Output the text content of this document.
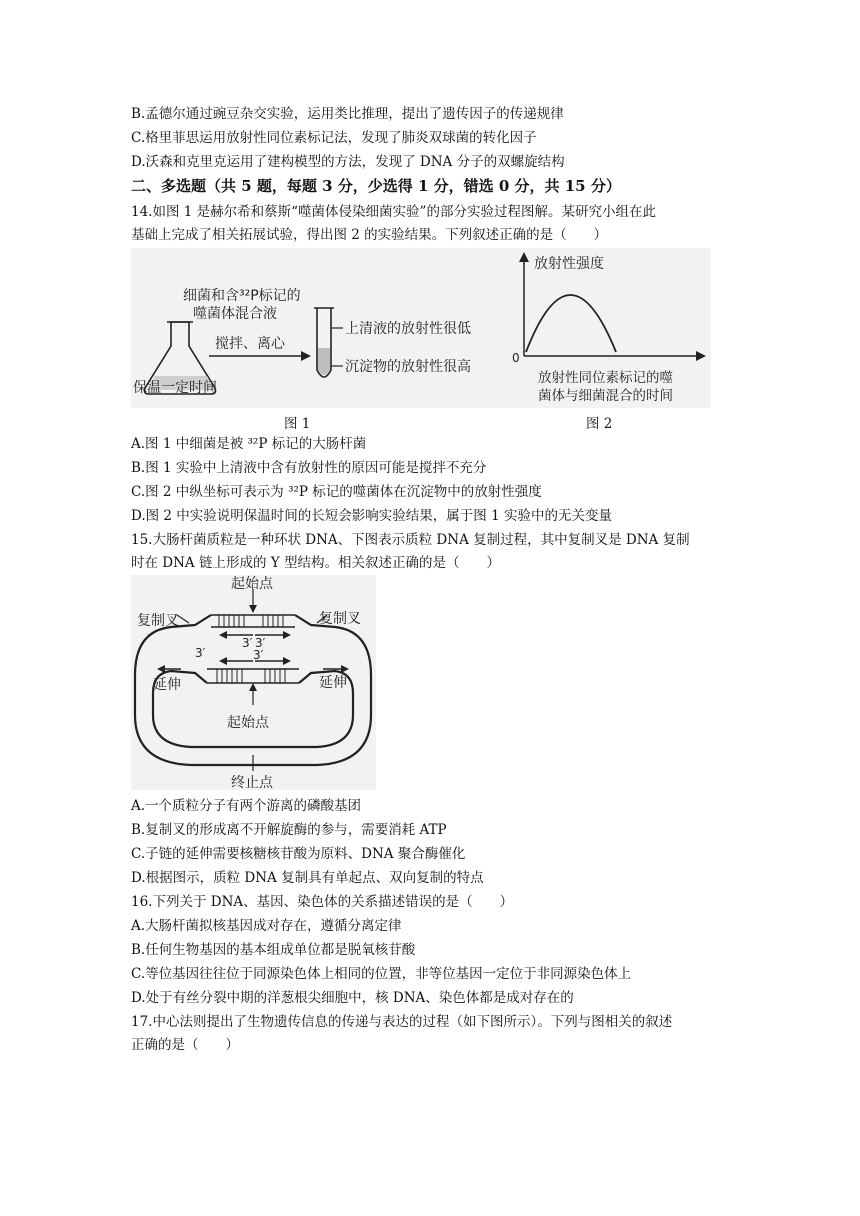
B.孟德尔通过豌豆杂交实验，运用类比推理，提出了遗传因子的传递规律
C.格里菲思运用放射性同位素标记法，发现了肺炎双球菌的转化因子
D.沃森和克里克运用了建构模型的方法，发现了 DNA 分子的双螺旋结构
二、多选题（共 5 题，每题 3 分，少选得 1 分，错选 0 分，共 15 分）
14.如图 1 是赫尔希和蔡斯“噬菌体侵染细菌实验”的部分实验过程图解。某研究小组在此
基础上完成了相关拓展试验，得出图 2 的实验结果。下列叙述正确的是（　　）
细菌和含³²P标记的
噬菌体混合液
搅拌、离心
保温一定时间
上清液的放射性很低
沉淀物的放射性很高
放射性强度
0
放射性同位素标记的噬
菌体与细菌混合的时间
图 1	图 2
A.图 1 中细菌是被 ³²P 标记的大肠杆菌
B.图 1 实验中上清液中含有放射性的原因可能是搅拌不充分
C.图 2 中纵坐标可表示为 ³²P 标记的噬菌体在沉淀物中的放射性强度
D.图 2 中实验说明保温时间的长短会影响实验结果，属于图 1 实验中的无关变量
15.大肠杆菌质粒是一种环状 DNA、下图表示质粒 DNA 复制过程，其中复制叉是 DNA 复制
时在 DNA 链上形成的 Y 型结构。相关叙述正确的是（　　）
起始点
复制叉	复制叉
3′ 3′
3′	3′
延伸	延伸
起始点
终止点
A.一个质粒分子有两个游离的磷酸基团
B.复制叉的形成离不开解旋酶的参与，需要消耗 ATP
C.子链的延伸需要核糖核苷酸为原料、DNA 聚合酶催化
D.根据图示，质粒 DNA 复制具有单起点、双向复制的特点
16.下列关于 DNA、基因、染色体的关系描述错误的是（　　）
A.大肠杆菌拟核基因成对存在，遵循分离定律
B.任何生物基因的基本组成单位都是脱氧核苷酸
C.等位基因往往位于同源染色体上相同的位置，非等位基因一定位于非同源染色体上
D.处于有丝分裂中期的洋葱根尖细胞中，核 DNA、染色体都是成对存在的
17.中心法则提出了生物遗传信息的传递与表达的过程（如下图所示）。下列与图相关的叙述
正确的是（　　）
